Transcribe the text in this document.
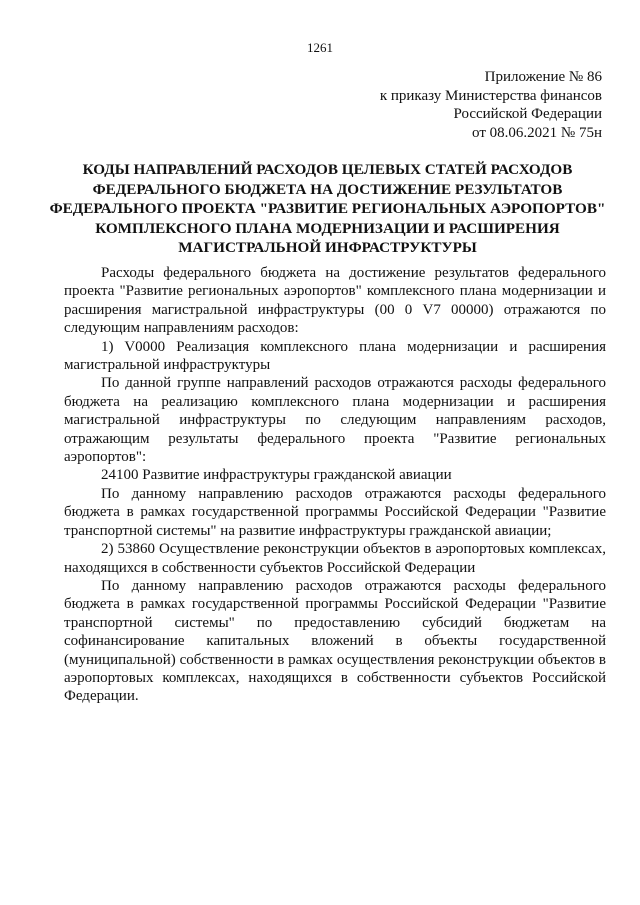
1261
Приложение № 86
к приказу Министерства финансов
Российской Федерации
от 08.06.2021 № 75н
КОДЫ НАПРАВЛЕНИЙ РАСХОДОВ ЦЕЛЕВЫХ СТАТЕЙ РАСХОДОВ ФЕДЕРАЛЬНОГО БЮДЖЕТА НА ДОСТИЖЕНИЕ РЕЗУЛЬТАТОВ ФЕДЕРАЛЬНОГО ПРОЕКТА "РАЗВИТИЕ РЕГИОНАЛЬНЫХ АЭРОПОРТОВ" КОМПЛЕКСНОГО ПЛАНА МОДЕРНИЗАЦИИ И РАСШИРЕНИЯ МАГИСТРАЛЬНОЙ ИНФРАСТРУКТУРЫ

Расходы федерального бюджета на достижение результатов федерального проекта "Развитие региональных аэропортов" комплексного плана модернизации и расширения магистральной инфраструктуры (00 0 V7 00000) отражаются по следующим направлениям расходов:

1) V0000 Реализация комплексного плана модернизации и расширения магистральной инфраструктуры

По данной группе направлений расходов отражаются расходы федерального бюджета на реализацию комплексного плана модернизации и расширения магистральной инфраструктуры по следующим направлениям расходов, отражающим результаты федерального проекта "Развитие региональных аэропортов":

24100 Развитие инфраструктуры гражданской авиации

По данному направлению расходов отражаются расходы федерального бюджета в рамках государственной программы Российской Федерации "Развитие транспортной системы" на развитие инфраструктуры гражданской авиации;

2) 53860 Осуществление реконструкции объектов в аэропортовых комплексах, находящихся в собственности субъектов Российской Федерации

По данному направлению расходов отражаются расходы федерального бюджета в рамках государственной программы Российской Федерации "Развитие транспортной системы" по предоставлению субсидий бюджетам на софинансирование капитальных вложений в объекты государственной (муниципальной) собственности в рамках осуществления реконструкции объектов в аэропортовых комплексах, находящихся в собственности субъектов Российской Федерации.
